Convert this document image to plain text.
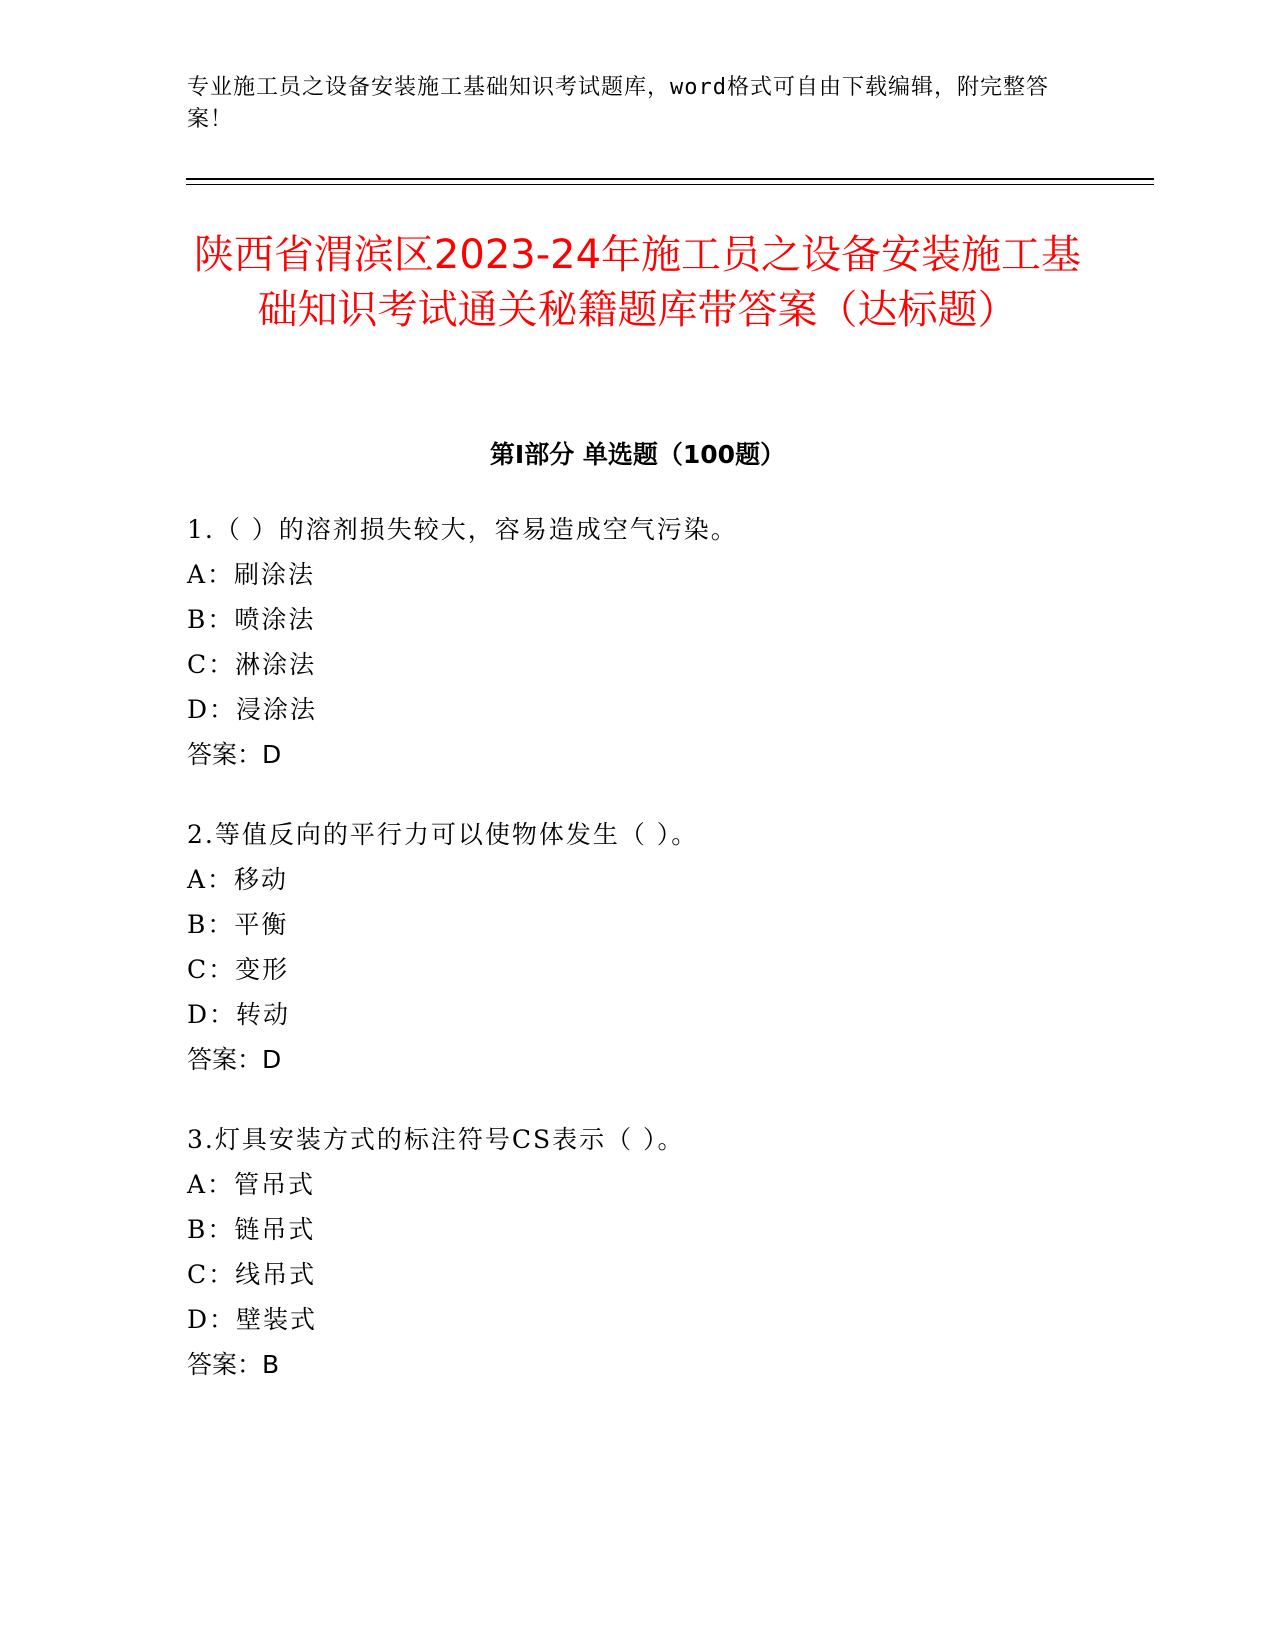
专业施工员之设备安装施工基础知识考试题库，word格式可自由下载编辑，附完整答案！
陕西省渭滨区2023-24年施工员之设备安装施工基础知识考试通关秘籍题库带答案（达标题）
第Ⅰ部分 单选题（100题）
1.（ ）的溶剂损失较大，容易造成空气污染。
A：刷涂法
B：喷涂法
C：淋涂法
D：浸涂法
答案：D
2.等值反向的平行力可以使物体发生（ ）。
A：移动
B：平衡
C：变形
D：转动
答案：D
3.灯具安装方式的标注符号CS表示（ ）。
A：管吊式
B：链吊式
C：线吊式
D：壁装式
答案：B
